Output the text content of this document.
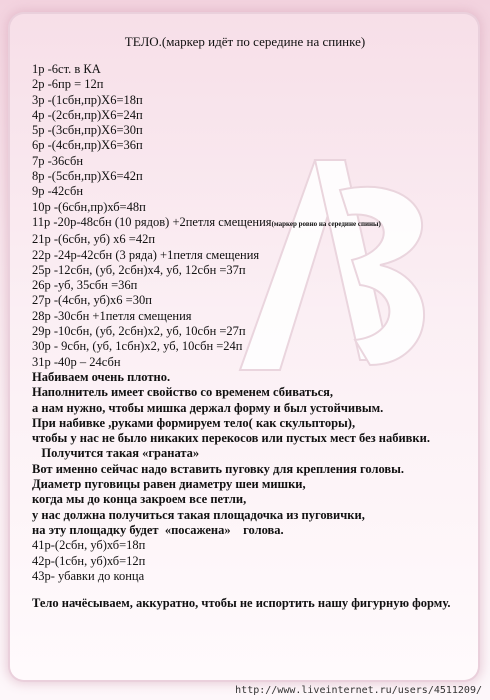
ТЕЛО.(маркер идёт по середине на спинке)
1р -6ст. в КА
2р -6пр = 12п
3р -(1сбн,пр)Х6=18п
4р -(2сбн,пр)Х6=24п
5р -(3сбн,пр)Х6=30п
6р -(4сбн,пр)Х6=36п
7р -36сбн
8р -(5сбн,пр)Х6=42п
9р -42сбн
10р -(6сбн,пр)хб=48п
11р -20р-48сбн (10 рядов) +2петля смещения(маркер ровно на середине спины)
21р -(6сбн, уб) х6 =42п
22р -24р-42сбн (3 ряда) +1петля смещения
25р -12сбн, (уб, 2сбн)х4, уб, 12сбн =37п
26р -уб, 35сбн =36п
27р -(4сбн, уб)х6 =30п
28р -30сбн +1петля смещения
29р -10сбн, (уб, 2сбн)х2, уб, 10сбн =27п
30р - 9сбн, (уб, 1сбн)х2, уб, 10сбн =24п
31р -40р – 24сбн
Набиваем очень плотно.
Наполнитель имеет свойство со временем сбиваться,
а нам нужно, чтобы мишка держал форму и был устойчивым.
При набивке ,руками формируем тело( как скульпторы),
чтобы у нас не было никаких перекосов или пустых мест без набивки.
Получится такая «граната»
Вот именно сейчас надо вставить пуговку для крепления головы.
Диаметр пуговицы равен диаметру шеи мишки,
когда мы до конца закроем все петли,
у нас должна получиться такая площадочка из пуговички,
на эту площадку будет  «посажена»    голова.
41р-(2сбн, уб)хб=18п
42р-(1сбн, уб)хб=12п
43р- убавки до конца
Тело начёсываем, аккуратно, чтобы не испортить нашу фигурную форму.
http://www.liveinternet.ru/users/4511209/
